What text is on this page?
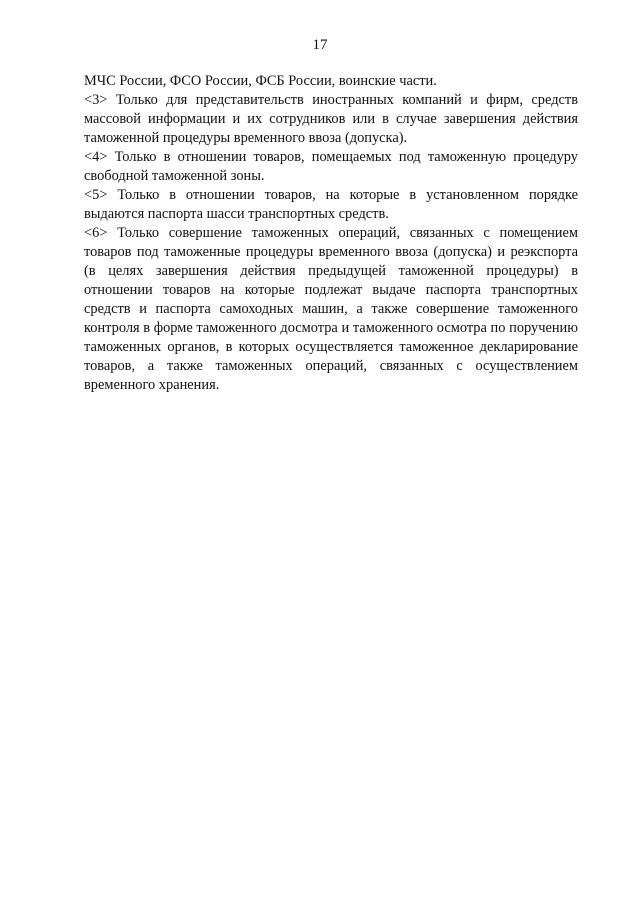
17

МЧС России, ФСО России, ФСБ России, воинские части.

<3> Только для представительств иностранных компаний и фирм, средств массовой информации и их сотрудников или в случае завершения действия таможенной процедуры временного ввоза (допуска).

<4> Только в отношении товаров, помещаемых под таможенную процедуру свободной таможенной зоны.

<5> Только в отношении товаров, на которые в установленном порядке выдаются паспорта шасси транспортных средств.

<6> Только совершение таможенных операций, связанных с помещением товаров под таможенные процедуры временного ввоза (допуска) и реэкспорта (в целях завершения действия предыдущей таможенной процедуры) в отношении товаров на которые подлежат выдаче паспорта транспортных средств и паспорта самоходных машин, а также совершение таможенного контроля в форме таможенного досмотра и таможенного осмотра по поручению таможенных органов, в которых осуществляется таможенное декларирование товаров, а также таможенных операций, связанных с осуществлением временного хранения.
